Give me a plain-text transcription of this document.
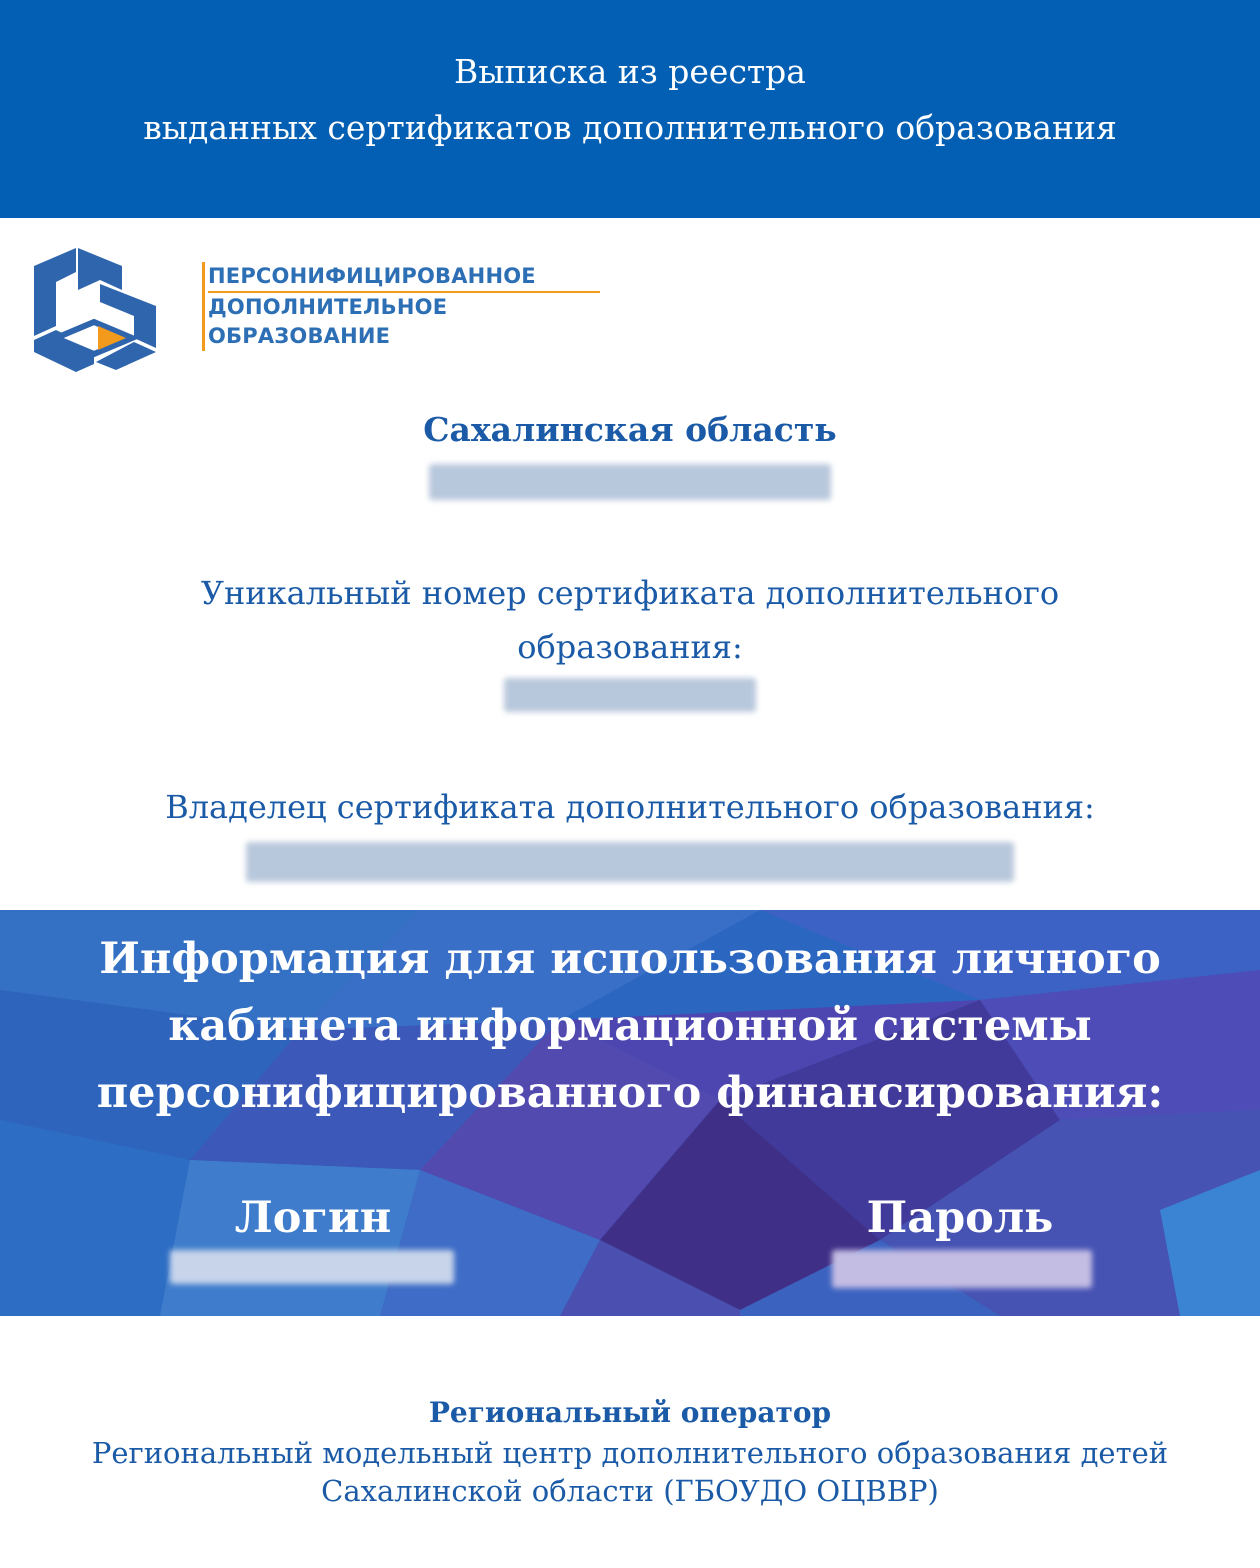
Выписка из реестра
выданных сертификатов дополнительного образования
ПЕРСОНИФИЦИРОВАННОЕ
ДОПОЛНИТЕЛЬНОЕ
ОБРАЗОВАНИЕ
Сахалинская область
Уникальный номер сертификата дополнительного
образования:
Владелец сертификата дополнительного образования:
Информация для использования личного
кабинета информационной системы
персонифицированного финансирования:
Логин	Пароль
Региональный оператор
Региональный модельный центр дополнительного образования детей
Сахалинской области (ГБОУДО ОЦВВР)
